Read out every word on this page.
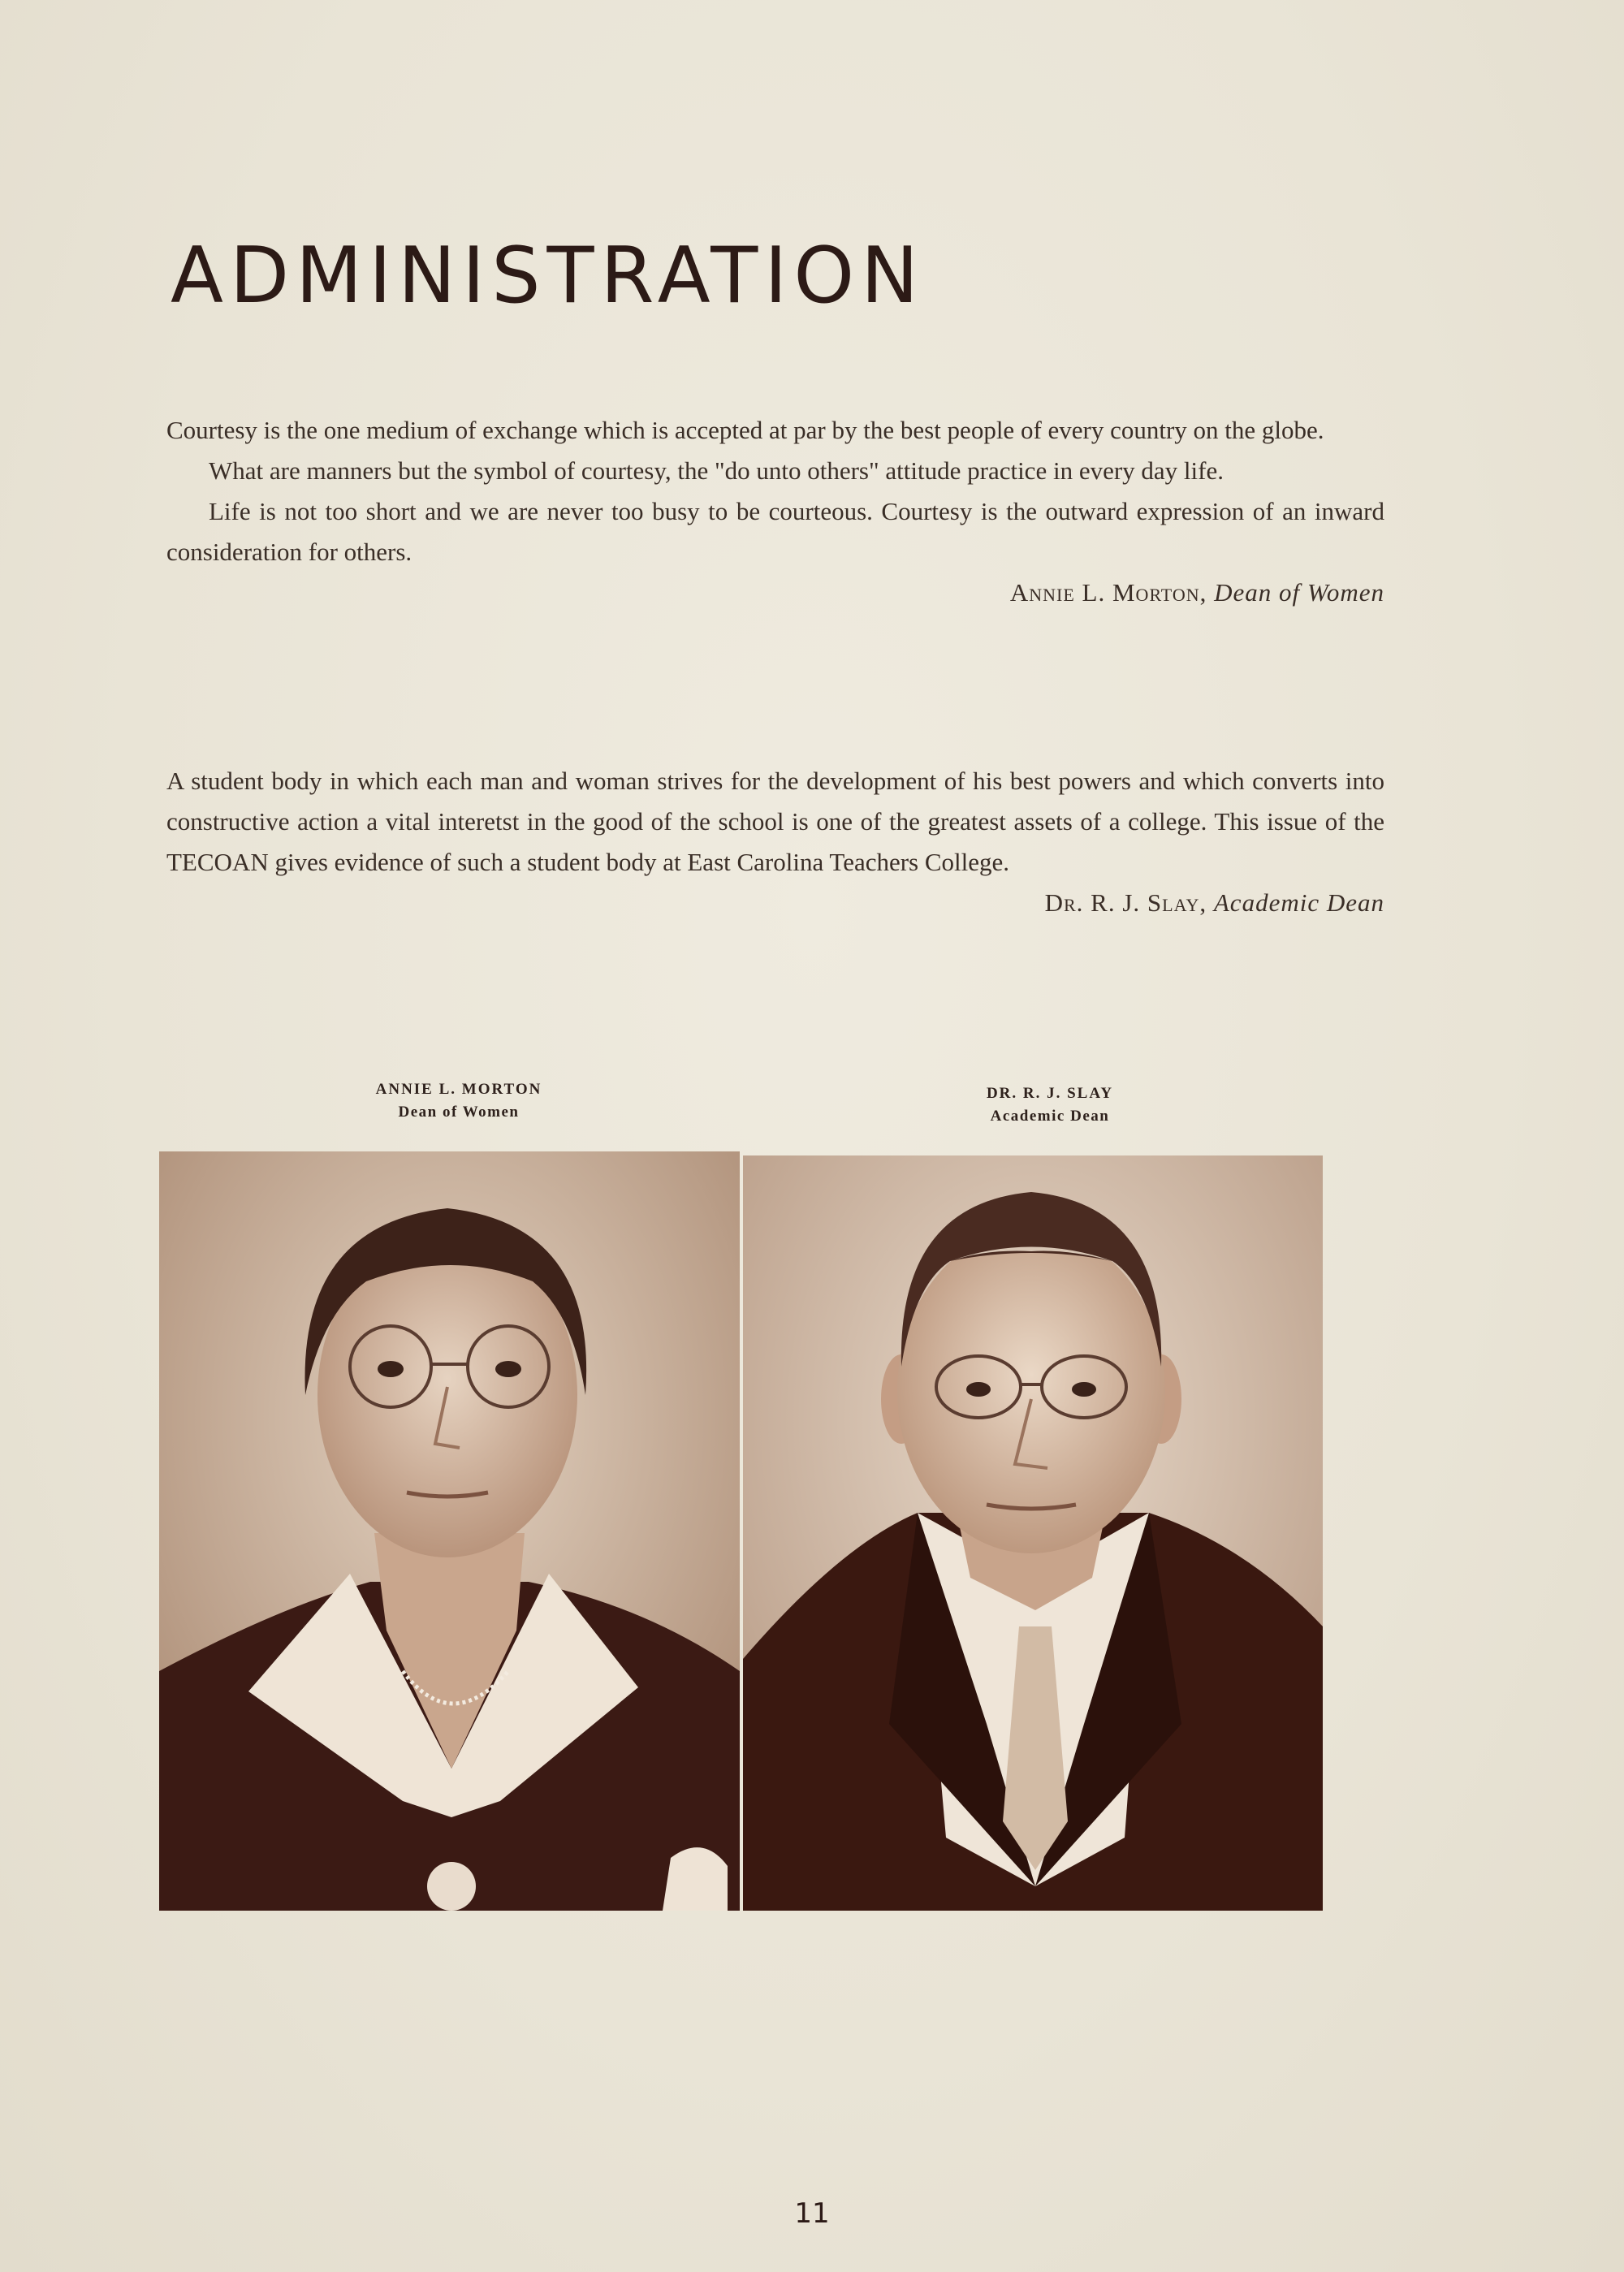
administration

Courtesy is the one medium of exchange which is accepted at par by the best people of every country on the globe.

What are manners but the symbol of courtesy, the "do unto others" attitude practice in every day life.

Life is not too short and we are never too busy to be courteous. Courtesy is the outward expression of an inward consideration for others.

Annie L. Morton, Dean of Women

A student body in which each man and woman strives for the development of his best powers and which converts into constructive action a vital interetst in the good of the school is one of the greatest assets of a college. This issue of the TECOAN gives evidence of such a student body at East Carolina Teachers College.

Dr. R. J. Slay, Academic Dean

ANNIE L. MORTON
Dean of Women
DR. R. J. SLAY
Academic Dean
11
